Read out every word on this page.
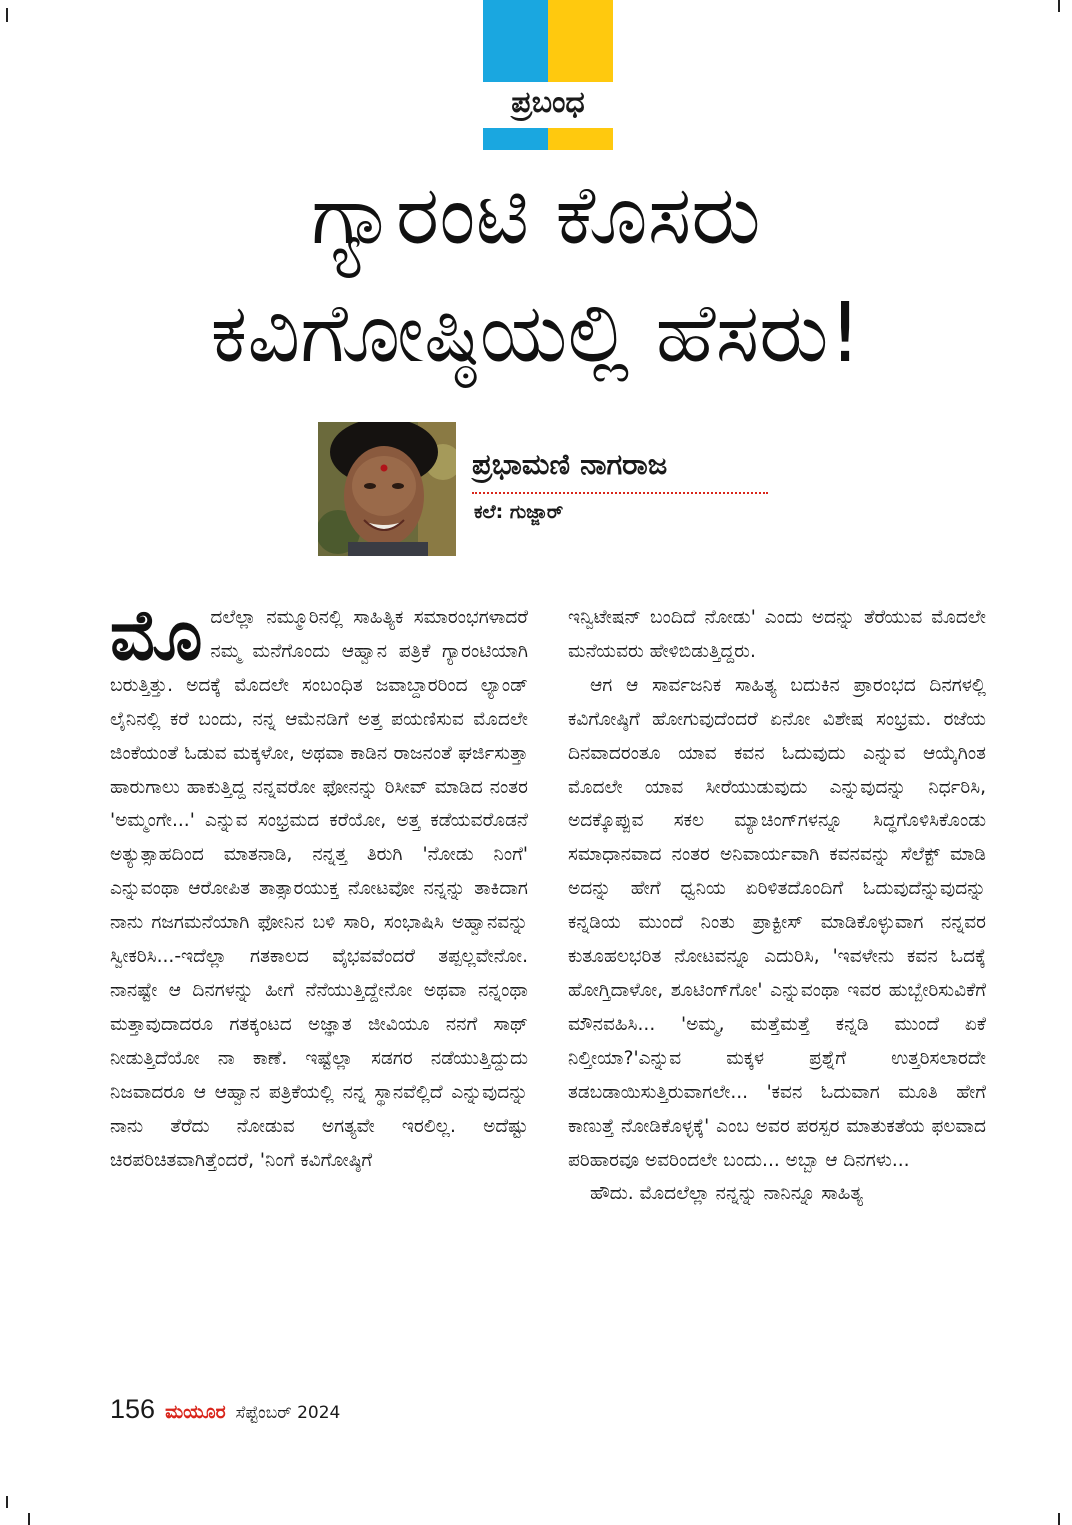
ಪ್ರಬಂಧ
ಗ್ಯಾರಂಟಿ ಕೊಸರು
ಕವಿಗೋಷ್ಠಿಯಲ್ಲಿ ಹೆಸರು!
ಪ್ರಭಾಮಣಿ ನಾಗರಾಜ
ಕಲೆ: ಗುಜ್ಜಾರ್

ಮೊದಲೆಲ್ಲಾ ನಮ್ಮೂರಿನಲ್ಲಿ ಸಾಹಿತ್ಯಿಕ ಸಮಾರಂಭಗಳಾದರೆ ನಮ್ಮ ಮನೆಗೊಂದು ಆಹ್ವಾನ ಪತ್ರಿಕೆ ಗ್ಯಾರಂಟಿಯಾಗಿ ಬರುತ್ತಿತ್ತು. ಅದಕ್ಕೆ ಮೊದಲೇ ಸಂಬಂಧಿತ ಜವಾಬ್ದಾರರಿಂದ ಲ್ಯಾಂಡ್ ಲೈನಿನಲ್ಲಿ ಕರೆ ಬಂದು, ನನ್ನ ಆಮೆನಡಿಗೆ ಅತ್ತ ಪಯಣಿಸುವ ಮೊದಲೇ ಜಿಂಕೆಯಂತೆ ಓಡುವ ಮಕ್ಕಳೋ, ಅಥವಾ ಕಾಡಿನ ರಾಜನಂತೆ ಘರ್ಜಿಸುತ್ತಾ ಹಾರುಗಾಲು ಹಾಕುತ್ತಿದ್ದ ನನ್ನವರೋ ಫೋನನ್ನು ರಿಸೀವ್ ಮಾಡಿದ ನಂತರ 'ಅಮ್ಮಂಗೇ...' ಎನ್ನುವ ಸಂಭ್ರಮದ ಕರೆಯೋ, ಅತ್ತ ಕಡೆಯವರೊಡನೆ ಅತ್ಯುತ್ಸಾಹದಿಂದ ಮಾತನಾಡಿ, ನನ್ನತ್ತ ತಿರುಗಿ 'ನೋಡು ನಿಂಗೆ' ಎನ್ನುವಂಥಾ ಆರೋಪಿತ ತಾತ್ಸಾರಯುಕ್ತ ನೋಟವೋ ನನ್ನನ್ನು ತಾಕಿದಾಗ ನಾನು ಗಜಗಮನೆಯಾಗಿ ಫೋನಿನ ಬಳಿ ಸಾರಿ, ಸಂಭಾಷಿಸಿ ಅಹ್ವಾನವನ್ನು ಸ್ವೀಕರಿಸಿ...-ಇದೆಲ್ಲಾ ಗತಕಾಲದ ವೈಭವವೆಂದರೆ ತಪ್ಪಲ್ಲವೇನೋ. ನಾನಷ್ಟೇ ಆ ದಿನಗಳನ್ನು ಹೀಗೆ ನೆನೆಯುತ್ತಿದ್ದೇನೋ ಅಥವಾ ನನ್ನಂಥಾ ಮತ್ತಾವುದಾದರೂ ಗತಕ್ಕಂಟದ ಅಜ್ಞಾತ ಜೀವಿಯೂ ನನಗೆ ಸಾಥ್ ನೀಡುತ್ತಿದೆಯೋ ನಾ ಕಾಣೆ. ಇಷ್ಟೆಲ್ಲಾ ಸಡಗರ ನಡೆಯುತ್ತಿದ್ದುದು ನಿಜವಾದರೂ ಆ ಆಹ್ವಾನ ಪತ್ರಿಕೆಯಲ್ಲಿ ನನ್ನ ಸ್ಥಾನವೆಲ್ಲಿದೆ ಎನ್ನುವುದನ್ನು ನಾನು ತೆರೆದು ನೋಡುವ ಅಗತ್ಯವೇ ಇರಲಿಲ್ಲ. ಅದೆಷ್ಟು ಚಿರಪರಿಚಿತವಾಗಿತ್ತೆಂದರೆ, 'ನಿಂಗೆ ಕವಿಗೋಷ್ಠಿಗೆ

ಇನ್ವಿಟೇಷನ್ ಬಂದಿದೆ ನೋಡು' ಎಂದು ಅದನ್ನು ತೆರೆಯುವ ಮೊದಲೇ ಮನೆಯವರು ಹೇಳಿಬಿಡುತ್ತಿದ್ದರು.

ಆಗ ಆ ಸಾರ್ವಜನಿಕ ಸಾಹಿತ್ಯ ಬದುಕಿನ ಪ್ರಾರಂಭದ ದಿನಗಳಲ್ಲಿ ಕವಿಗೋಷ್ಠಿಗೆ ಹೋಗುವುದೆಂದರೆ ಏನೋ ವಿಶೇಷ ಸಂಭ್ರಮ. ರಜೆಯ ದಿನವಾದರಂತೂ ಯಾವ ಕವನ ಓದುವುದು ಎನ್ನುವ ಆಯ್ಕೆಗಿಂತ ಮೊದಲೇ ಯಾವ ಸೀರೆಯುಡುವುದು ಎನ್ನುವುದನ್ನು ನಿರ್ಧರಿಸಿ, ಅದಕ್ಕೊಪ್ಪುವ ಸಕಲ ಮ್ಯಾಚಿಂಗ್‌ಗಳನ್ನೂ ಸಿದ್ಧಗೊಳಿಸಿಕೊಂಡು ಸಮಾಧಾನವಾದ ನಂತರ ಅನಿವಾರ್ಯವಾಗಿ ಕವನವನ್ನು ಸೆಲೆಕ್ಟ್ ಮಾಡಿ ಅದನ್ನು ಹೇಗೆ ಧ್ವನಿಯ ಏರಿಳಿತದೊಂದಿಗೆ ಓದುವುದೆನ್ನುವುದನ್ನು ಕನ್ನಡಿಯ ಮುಂದೆ ನಿಂತು ಪ್ರಾಕ್ಟೀಸ್ ಮಾಡಿಕೊಳ್ಳುವಾಗ ನನ್ನವರ ಕುತೂಹಲಭರಿತ ನೋಟವನ್ನೂ ಎದುರಿಸಿ, 'ಇವಳೇನು ಕವನ ಓದಕ್ಕೆ ಹೋಗ್ತಿದಾಳೋ, ಶೂಟಿಂಗ್‌ಗೋ' ಎನ್ನುವಂಥಾ ಇವರ ಹುಬ್ಬೇರಿಸುವಿಕೆಗೆ ಮೌನವಹಿಸಿ... 'ಅಮ್ಮ, ಮತ್ತೆಮತ್ತೆ ಕನ್ನಡಿ ಮುಂದೆ ಏಕೆ ನಿಲ್ತೀಯಾ?'ಎನ್ನುವ ಮಕ್ಕಳ ಪ್ರಶ್ನೆಗೆ ಉತ್ತರಿಸಲಾರದೇ ತಡಬಡಾಯಿಸುತ್ತಿರುವಾಗಲೇ... 'ಕವನ ಓದುವಾಗ ಮೂತಿ ಹೇಗೆ ಕಾಣುತ್ತೆ ನೋಡಿಕೊಳ್ಳಕ್ಕೆ' ಎಂಬ ಅವರ ಪರಸ್ಪರ ಮಾತುಕತೆಯ ಫಲವಾದ ಪರಿಹಾರವೂ ಅವರಿಂದಲೇ ಬಂದು... ಅಬ್ಬಾ ಆ ದಿನಗಳು...

ಹೌದು. ಮೊದಲೆಲ್ಲಾ ನನ್ನನ್ನು ನಾನಿನ್ನೂ ಸಾಹಿತ್ಯ

156 ಮಯೂರ ಸೆಪ್ಟೆಂಬರ್ 2024
